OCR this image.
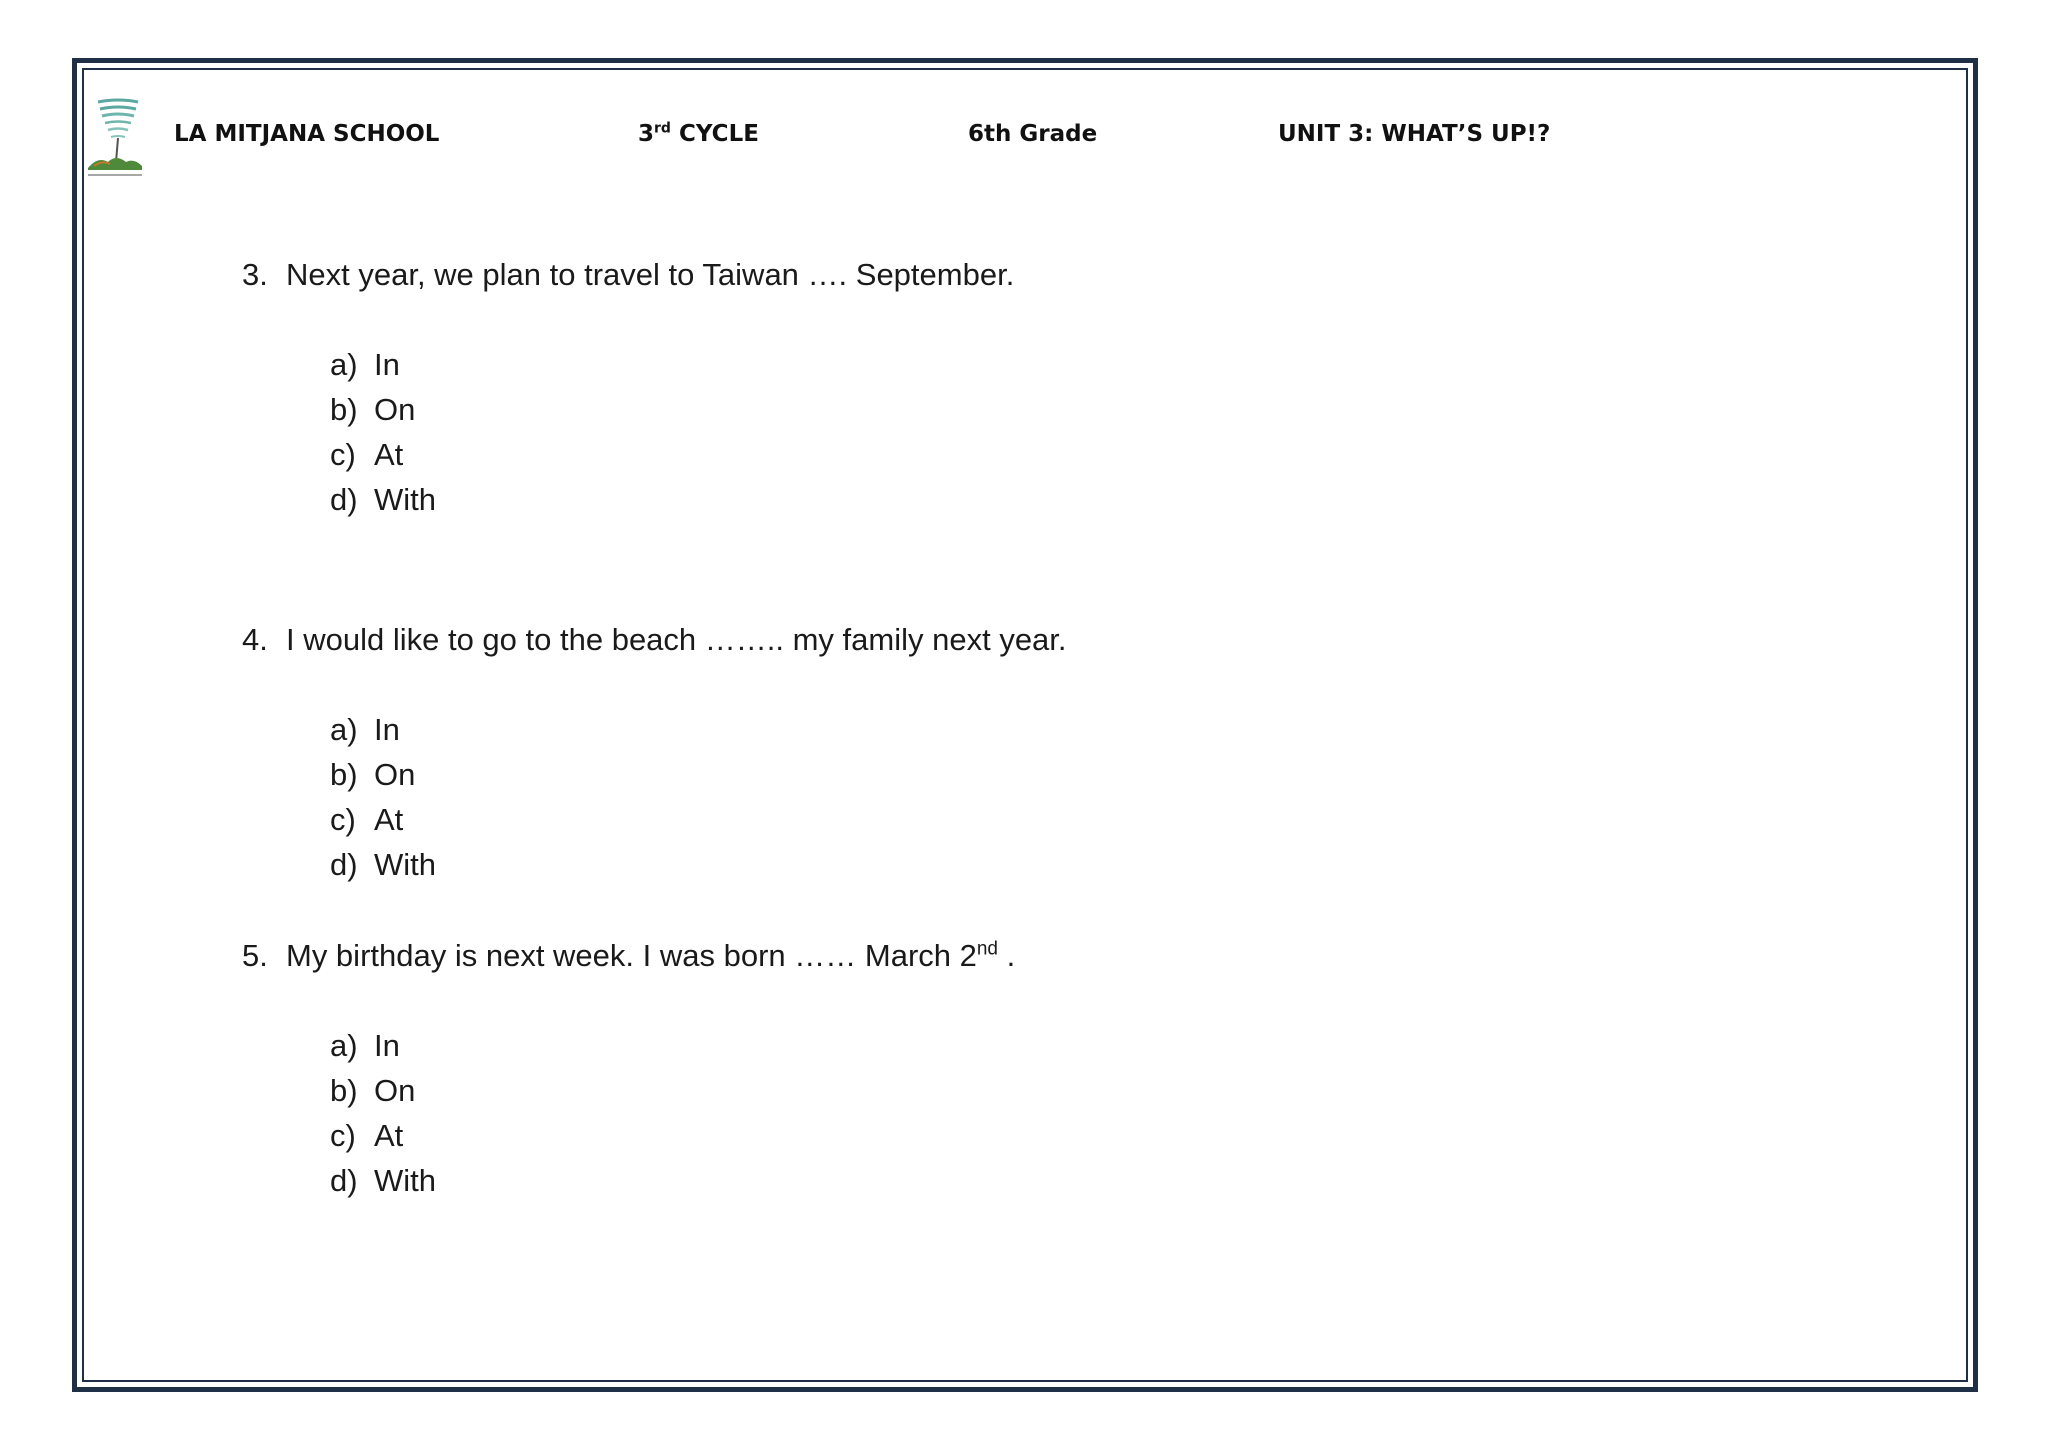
LA MITJANA SCHOOL	3rd CYCLE	6th Grade	UNIT 3: WHAT’S UP!?
3. Next year, we plan to travel to Taiwan …. September.
a) In
b) On
c) At
d) With
4. I would like to go to the beach …….. my family next year.
a) In
b) On
c) At
d) With
5. My birthday is next week. I was born …… March 2nd .
a) In
b) On
c) At
d) With
